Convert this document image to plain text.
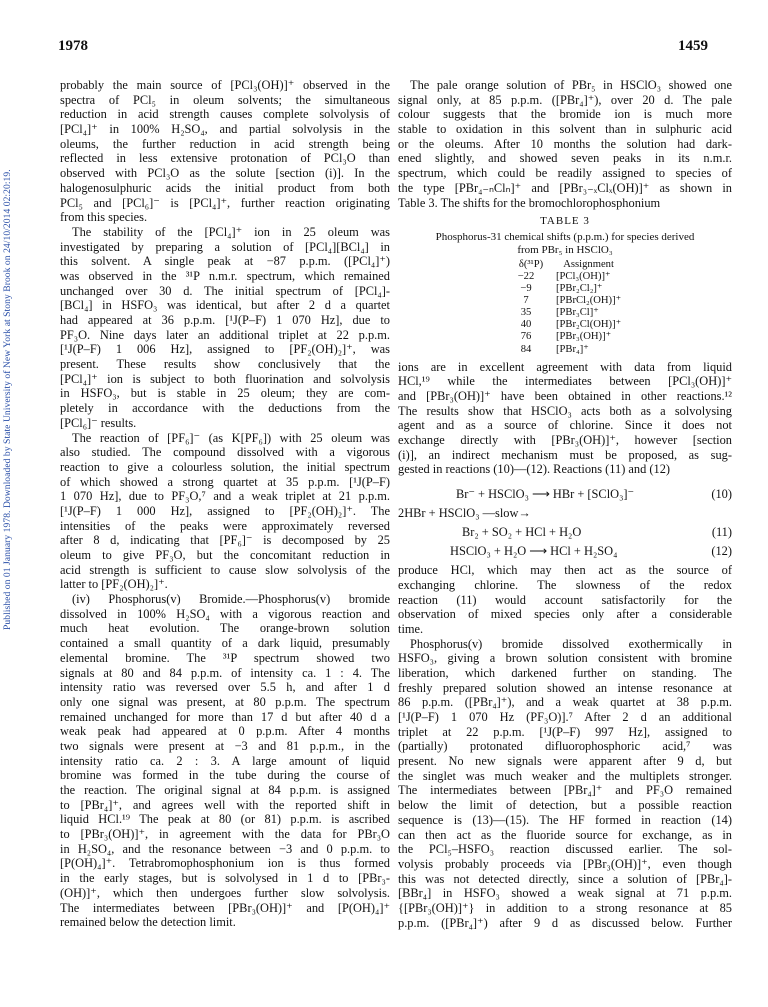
1978	1459
Published on 01 January 1978. Downloaded by State University of New York at Stony Brook on 24/10/2014 02:20:19.
probably the main source of [PCl₃(OH)]⁺ observed in the
spectra of PCl₅ in oleum solvents; the simultaneous
reduction in acid strength causes complete solvolysis of
[PCl₄]⁺ in 100% H₂SO₄, and partial solvolysis in the
oleums, the further reduction in acid strength being
reflected in less extensive protonation of PCl₃O than
observed with PCl₃O as the solute [section (i)]. In the
halogenosulphuric acids the initial product from both
PCl₅ and [PCl₆]⁻ is [PCl₄]⁺, further reaction originating
from this species.
The stability of the [PCl₄]⁺ ion in 25 oleum was
investigated by preparing a solution of [PCl₄][BCl₄] in
this solvent. A single peak at −87 p.p.m. ([PCl₄]⁺)
was observed in the ³¹P n.m.r. spectrum, which remained
unchanged over 30 d. The initial spectrum of [PCl₄]-
[BCl₄] in HSFO₃ was identical, but after 2 d a quartet
had appeared at 36 p.p.m. [¹J(P–F) 1 070 Hz], due to
PF₃O. Nine days later an additional triplet at 22 p.p.m.
[¹J(P–F) 1 006 Hz], assigned to [PF₂(OH)₂]⁺, was
present. These results show conclusively that the
[PCl₄]⁺ ion is subject to both fluorination and solvolysis
in HSFO₃, but is stable in 25 oleum; they are com-
pletely in accordance with the deductions from the
[PCl₆]⁻ results.
The reaction of [PF₆]⁻ (as K[PF₆]) with 25 oleum was
also studied. The compound dissolved with a vigorous
reaction to give a colourless solution, the initial spectrum
of which showed a strong quartet at 35 p.p.m. [¹J(P–F)
1 070 Hz], due to PF₃O,⁷ and a weak triplet at 21 p.p.m.
[¹J(P–F) 1 000 Hz], assigned to [PF₂(OH)₂]⁺. The
intensities of the peaks were approximately reversed
after 8 d, indicating that [PF₆]⁻ is decomposed by 25
oleum to give PF₃O, but the concomitant reduction in
acid strength is sufficient to cause slow solvolysis of the
latter to [PF₂(OH)₂]⁺.
(iv) Phosphorus(v) Bromide.—Phosphorus(v) bromide
dissolved in 100% H₂SO₄ with a vigorous reaction and
much heat evolution. The orange-brown solution
contained a small quantity of a dark liquid, presumably
elemental bromine. The ³¹P spectrum showed two
signals at 80 and 84 p.p.m. of intensity ca. 1 : 4. The
intensity ratio was reversed over 5.5 h, and after 1 d
only one signal was present, at 80 p.p.m. The spectrum
remained unchanged for more than 17 d but after 40 d a
weak peak had appeared at 0 p.p.m. After 4 months
two signals were present at −3 and 81 p.p.m., in the
intensity ratio ca. 2 : 3. A large amount of liquid
bromine was formed in the tube during the course of
the reaction. The original signal at 84 p.p.m. is assigned
to [PBr₄]⁺, and agrees well with the reported shift in
liquid HCl.¹⁹ The peak at 80 (or 81) p.p.m. is ascribed
to [PBr₃(OH)]⁺, in agreement with the data for PBr₃O
in H₂SO₄, and the resonance between −3 and 0 p.p.m. to
[P(OH)₄]⁺. Tetrabromophosphonium ion is thus formed
in the early stages, but is solvolysed in 1 d to [PBr₃-
(OH)]⁺, which then undergoes further slow solvolysis.
The intermediates between [PBr₃(OH)]⁺ and [P(OH)₄]⁺
remained below the detection limit.
The pale orange solution of PBr₅ in HSClO₃ showed one
signal only, at 85 p.p.m. ([PBr₄]⁺), over 20 d. The pale
colour suggests that the bromide ion is much more
stable to oxidation in this solvent than in sulphuric acid
or the oleums. After 10 months the solution had dark-
ened slightly, and showed seven peaks in its n.m.r.
spectrum, which could be readily assigned to species of
the type [PBr₄₋ₙClₙ]⁺ and [PBr₃₋ₓClₓ(OH)]⁺ as shown in
Table 3. The shifts for the bromochlorophosphonium
TABLE 3
Phosphorus-31 chemical shifts (p.p.m.) for species derived
from PBr₅ in HSClO₃
δ(³¹P)	Assignment
−22	[PCl₃(OH)]⁺
−9	[PBr₂Cl₂]⁺
7	[PBrCl₂(OH)]⁺
35	[PBr₃Cl]⁺
40	[PBr₂Cl(OH)]⁺
76	[PBr₃(OH)]⁺
84	[PBr₄]⁺
ions are in excellent agreement with data from liquid
HCl,¹⁹ while the intermediates between [PCl₃(OH)]⁺
and [PBr₃(OH)]⁺ have been obtained in other reactions.¹²
The results show that HSClO₃ acts both as a solvolysing
agent and as a source of chlorine. Since it does not
exchange directly with [PBr₃(OH)]⁺, however [section
(i)], an indirect mechanism must be proposed, as sug-
gested in reactions (10)—(12). Reactions (11) and (12)
Br⁻ + HSClO₃ ⟶ HBr + [SClO₃]⁻	(10)
2HBr + HSClO₃ —slow→
Br₂ + SO₂ + HCl + H₂O	(11)
HSClO₃ + H₂O ⟶ HCl + H₂SO₄	(12)
produce HCl, which may then act as the source of
exchanging chlorine. The slowness of the redox
reaction (11) would account satisfactorily for the
observation of mixed species only after a considerable
time.
Phosphorus(v) bromide dissolved exothermically in
HSFO₃, giving a brown solution consistent with bromine
liberation, which darkened further on standing. The
freshly prepared solution showed an intense resonance at
86 p.p.m. ([PBr₄]⁺), and a weak quartet at 38 p.p.m.
[¹J(P–F) 1 070 Hz (PF₃O)].⁷ After 2 d an additional
triplet at 22 p.p.m. [¹J(P–F) 997 Hz], assigned to
(partially) protonated difluorophosphoric acid,⁷ was
present. No new signals were apparent after 9 d, but
the singlet was much weaker and the multiplets stronger.
The intermediates between [PBr₄]⁺ and PF₃O remained
below the limit of detection, but a possible reaction
sequence is (13)—(15). The HF formed in reaction (14)
can then act as the fluoride source for exchange, as in
the PCl₅–HSFO₃ reaction discussed earlier. The sol-
volysis probably proceeds via [PBr₃(OH)]⁺, even though
this was not detected directly, since a solution of [PBr₄]-
[BBr₄] in HSFO₃ showed a weak signal at 71 p.p.m.
{[PBr₃(OH)]⁺} in addition to a strong resonance at 85
p.p.m. ([PBr₄]⁺) after 9 d as discussed below. Further
